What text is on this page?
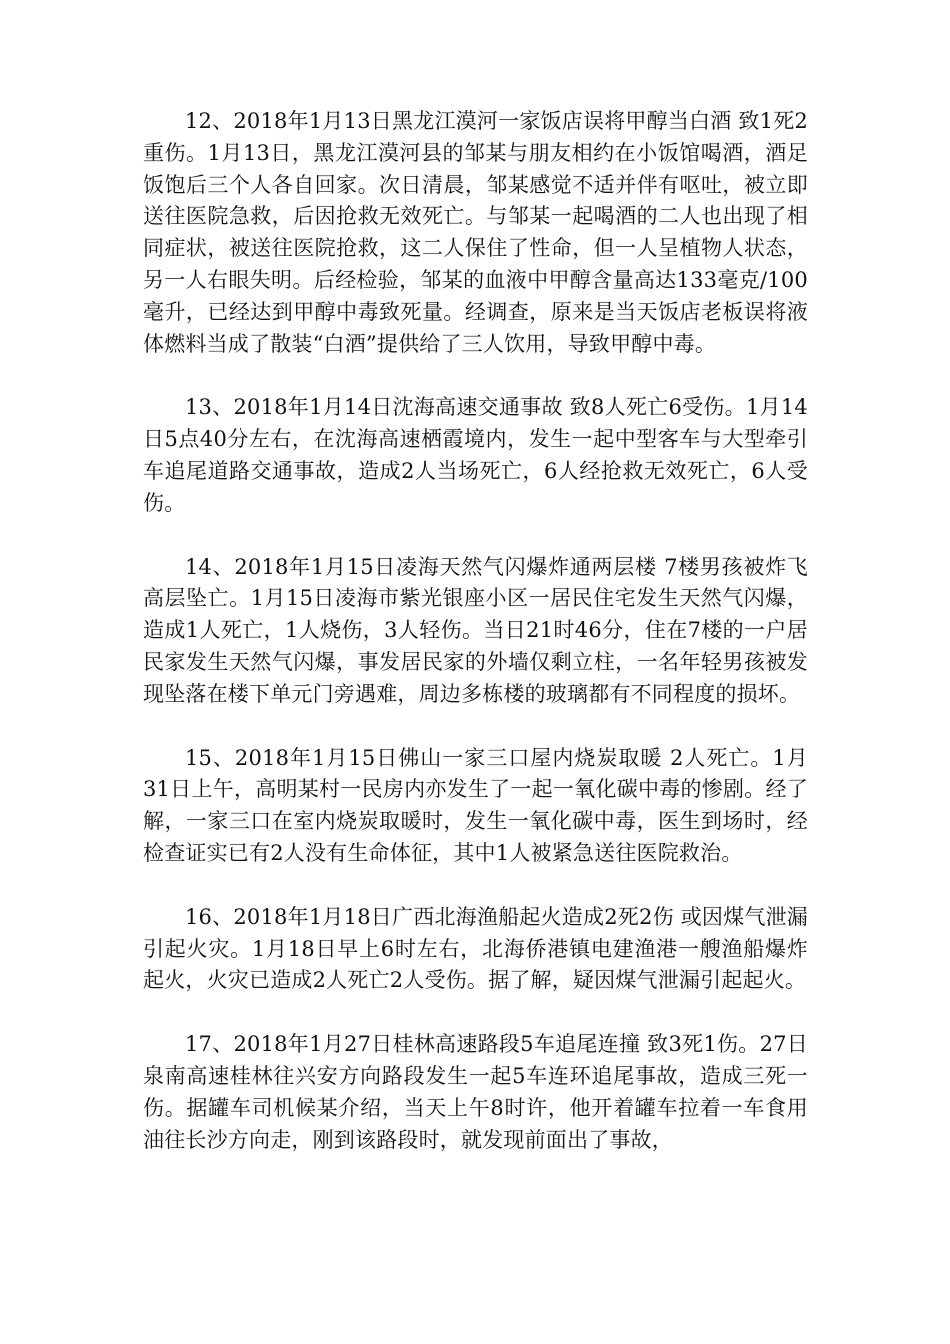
12、2018年1月13日黑龙江漠河一家饭店误将甲醇当白酒 致1死2重伤。1月13日，黑龙江漠河县的邹某与朋友相约在小饭馆喝酒，酒足饭饱后三个人各自回家。次日清晨，邹某感觉不适并伴有呕吐，被立即送往医院急救，后因抢救无效死亡。与邹某一起喝酒的二人也出现了相同症状，被送往医院抢救，这二人保住了性命，但一人呈植物人状态，另一人右眼失明。后经检验，邹某的血液中甲醇含量高达133毫克/100毫升，已经达到甲醇中毒致死量。经调查，原来是当天饭店老板误将液体燃料当成了散装“白酒”提供给了三人饮用，导致甲醇中毒。

13、2018年1月14日沈海高速交通事故 致8人死亡6受伤。1月14日5点40分左右，在沈海高速栖霞境内，发生一起中型客车与大型牵引车追尾道路交通事故，造成2人当场死亡，6人经抢救无效死亡，6人受伤。

14、2018年1月15日凌海天然气闪爆炸通两层楼 7楼男孩被炸飞高层坠亡。1月15日凌海市紫光银座小区一居民住宅发生天然气闪爆，造成1人死亡，1人烧伤，3人轻伤。当日21时46分，住在7楼的一户居民家发生天然气闪爆，事发居民家的外墙仅剩立柱，一名年轻男孩被发现坠落在楼下单元门旁遇难，周边多栋楼的玻璃都有不同程度的损坏。

15、2018年1月15日佛山一家三口屋内烧炭取暖 2人死亡。1月31日上午，高明某村一民房内亦发生了一起一氧化碳中毒的惨剧。经了解，一家三口在室内烧炭取暖时，发生一氧化碳中毒，医生到场时，经检查证实已有2人没有生命体征，其中1人被紧急送往医院救治。

16、2018年1月18日广西北海渔船起火造成2死2伤 或因煤气泄漏引起火灾。1月18日早上6时左右，北海侨港镇电建渔港一艘渔船爆炸起火，火灾已造成2人死亡2人受伤。据了解，疑因煤气泄漏引起起火。

17、2018年1月27日桂林高速路段5车追尾连撞 致3死1伤。27日泉南高速桂林往兴安方向路段发生一起5车连环追尾事故，造成三死一伤。据罐车司机候某介绍，当天上午8时许，他开着罐车拉着一车食用油往长沙方向走，刚到该路段时，就发现前面出了事故，
